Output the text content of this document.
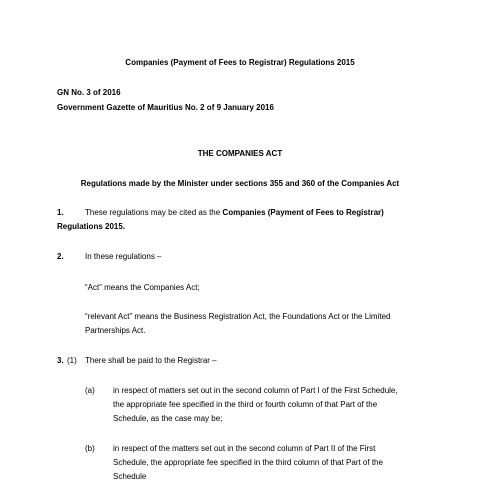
Companies (Payment of Fees to Registrar) Regulations 2015
GN No. 3 of 2016
Government Gazette of Mauritius No. 2 of 9 January 2016
THE COMPANIES ACT
Regulations made by the Minister under sections 355 and 360 of the Companies Act
1.	These regulations may be cited as the Companies (Payment of Fees to Registrar)
Regulations 2015.
2.	In these regulations –
“Act” means the Companies Act;
“relevant Act” means the Business Registration Act, the Foundations Act or the Limited
Partnerships Act.
3. (1) There shall be paid to the Registrar –
(a) in respect of matters set out in the second column of Part I of the First Schedule,
the appropriate fee specified in the third or fourth column of that Part of the
Schedule, as the case may be;
(b) in respect of the matters set out in the second column of Part II of the First
Schedule, the appropriate fee specified in the third column of that Part of the
Schedule
